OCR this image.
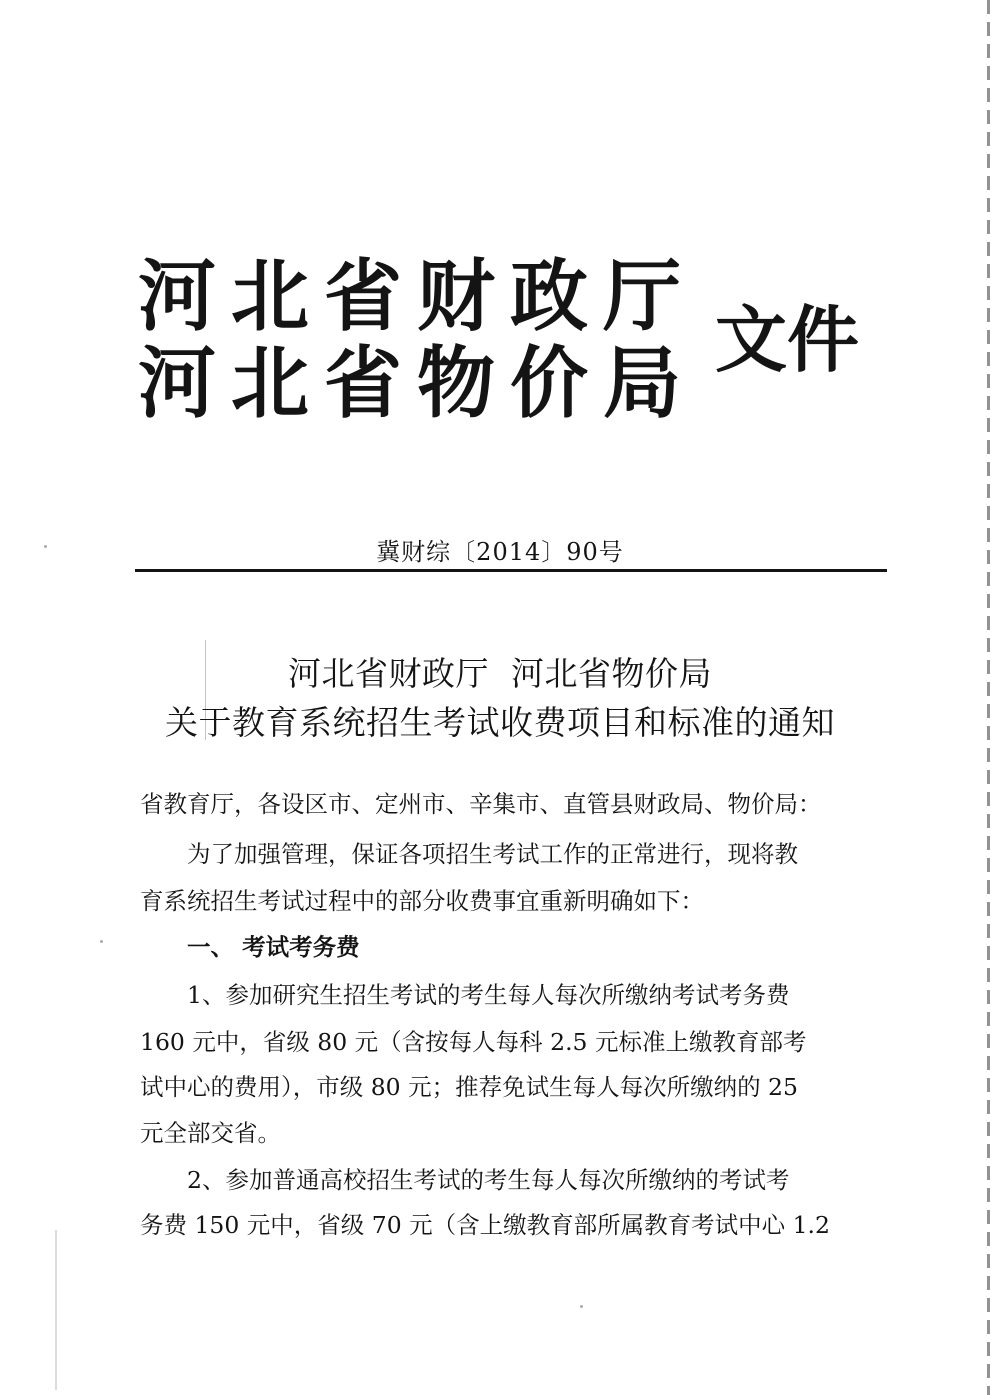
河 北 省 财 政 厅
河 北 省 物 价 局 文件
冀财综〔2014〕90号
河北省财政厅  河北省物价局
关于教育系统招生考试收费项目和标准的通知
省教育厅，各设区市、定州市、辛集市、直管县财政局、物价局：
为了加强管理，保证各项招生考试工作的正常进行，现将教
育系统招生考试过程中的部分收费事宜重新明确如下：
一、 考试考务费
1、参加研究生招生考试的考生每人每次所缴纳考试考务费
160 元中，省级 80 元（含按每人每科 2.5 元标准上缴教育部考
试中心的费用），市级 80 元；推荐免试生每人每次所缴纳的 25
元全部交省。
2、参加普通高校招生考试的考生每人每次所缴纳的考试考
务费 150 元中，省级 70 元（含上缴教育部所属教育考试中心 1.2
